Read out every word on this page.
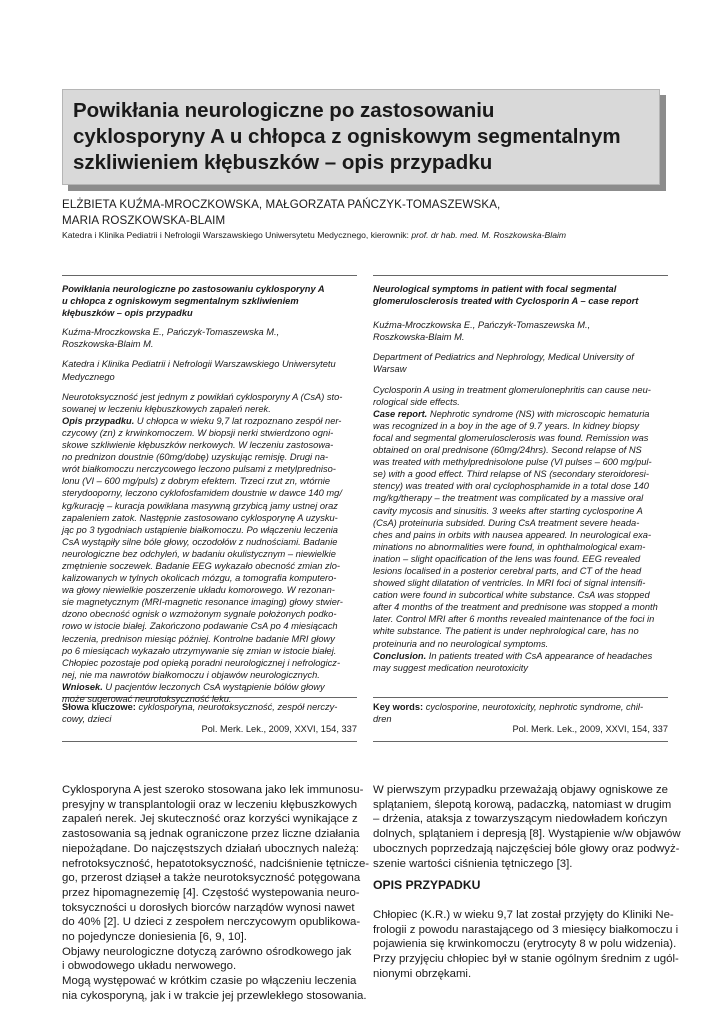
Powikłania neurologiczne po zastosowaniu
cyklosporyny A u chłopca z ogniskowym segmentalnym
szkliwieniem kłębuszków – opis przypadku
ELŻBIETA KUŹMA-MROCZKOWSKA, MAŁGORZATA PAŃCZYK-TOMASZEWSKA,
MARIA ROSZKOWSKA-BLAIM
Katedra i Klinika Pediatrii i Nefrologii Warszawskiego Uniwersytetu Medycznego, kierownik: prof. dr hab. med. M. Roszkowska-Blaim
Powikłania neurologiczne po zastosowaniu cyklosporyny A
u chłopca z ogniskowym segmentalnym szkliwieniem
kłębuszków – opis przypadku
Kuźma-Mroczkowska E., Pańczyk-Tomaszewska M.,
Roszkowska-Blaim M.
Katedra i Klinika Pediatrii i Nefrologii Warszawskiego Uniwersytetu
Medycznego
Neurotoksyczność jest jednym z powikłań cyklosporyny A (CsA) sto-
sowanej w leczeniu kłębuszkowych zapaleń nerek.
Opis przypadku. U chłopca w wieku 9,7 lat rozpoznano zespół ner-
czycowy (zn) z krwinkomoczem. W biopsji nerki stwierdzono ogni-
skowe szkliwienie kłębuszków nerkowych. W leczeniu zastosowa-
no prednizon doustnie (60mg/dobę) uzyskując remisję. Drugi na-
wrót białkomoczu nerczycowego leczono pulsami z metylpredniso-
lonu (VI – 600 mg/puls) z dobrym efektem. Trzeci rzut zn, wtórnie
sterydooporny, leczono cyklofosfamidem doustnie w dawce 140 mg/
kg/kurację – kuracja powikłana masywną grzybicą jamy ustnej oraz
zapaleniem zatok. Następnie zastosowano cyklosporynę A uzysku-
jąc po 3 tygodniach ustąpienie białkomoczu. Po włączeniu leczenia
CsA wystąpiły silne bóle głowy, oczodołów z nudnościami. Badanie
neurologiczne bez odchyleń, w badaniu okulistycznym – niewielkie
zmętnienie soczewek. Badanie EEG wykazało obecność zmian zlo-
kalizowanych w tylnych okolicach mózgu, a tomografia komputero-
wa głowy niewielkie poszerzenie układu komorowego. W rezonan-
sie magnetycznym (MRI-magnetic resonance imaging) głowy stwier-
dzono obecność ognisk o wzmożonym sygnale położonych podko-
rowo w istocie białej. Zakończono podawanie CsA po 4 miesiącach
leczenia, prednison miesiąc później. Kontrolne badanie MRI głowy
po 6 miesiącach wykazało utrzymywanie się zmian w istocie białej.
Chłopiec pozostaje pod opieką poradni neurologicznej i nefrologicz-
nej, nie ma nawrotów białkomoczu i objawów neurologicznych.
Wniosek. U pacjentów leczonych CsA wystąpienie bólów głowy
może sugerować neurotoksyczność leku.
Neurological symptoms in patient with focal segmental
glomerulosclerosis treated with Cyclosporin A – case report
Kuźma-Mroczkowska E., Pańczyk-Tomaszewska M.,
Roszkowska-Blaim M.
Department of Pediatrics and Nephrology, Medical University of
Warsaw
Cyclosporin A using in treatment glomerulonephritis can cause neu-
rological side effects.
Case report. Nephrotic syndrome (NS) with microscopic hematuria
was recognized in a boy in the age of 9.7 years. In kidney biopsy
focal and segmental glomerulosclerosis was found. Remission was
obtained on oral prednisone (60mg/24hrs). Second relapse of NS
was treated with methylprednisolone pulse (VI pulses – 600 mg/pul-
se) with a good effect. Third relapse of NS (secondary steroidoresi-
stency) was treated with oral cyclophosphamide in a total dose 140
mg/kg/therapy – the treatment was complicated by a massive oral
cavity mycosis and sinusitis. 3 weeks after starting cyclosporine A
(CsA) proteinuria subsided. During CsA treatment severe heada-
ches and pains in orbits with nausea appeared. In neurological exa-
minations no abnormalities were found, in ophthalmological exam-
ination – slight opacification of the lens was found. EEG revealed
lesions localised in a posterior cerebral parts, and CT of the head
showed slight dilatation of ventricles. In MRI foci of signal intensifi-
cation were found in subcortical white substance. CsA was stopped
after 4 months of the treatment and prednisone was stopped a month
later. Control MRI after 6 months revealed maintenance of the foci in
white substance. The patient is under nephrological care, has no
proteinuria and no neurological symptoms.
Conclusion. In patients treated with CsA appearance of headaches
may suggest medication neurotoxicity
Słowa kluczowe: cyklosporyna, neurotoksyczność, zespół nerczy-
cowy, dzieci
Pol. Merk. Lek., 2009, XXVI, 154, 337
Key words: cyclosporine, neurotoxicity, nephrotic syndrome, chil-
dren
Pol. Merk. Lek., 2009, XXVI, 154, 337
Cyklosporyna A jest szeroko stosowana jako lek immunosu-
presyjny w transplantologii oraz w leczeniu kłębuszkowych
zapaleń nerek. Jej skuteczność oraz korzyści wynikające z
zastosowania są jednak ograniczone przez liczne działania
niepożądane. Do najczęstszych działań ubocznych należą:
nefrotoksyczność, hepatotoksyczność, nadciśnienie tętnicze-
go, przerost dziąseł a także neurotoksyczność potęgowana
przez hipomagnezemię [4]. Częstość wystepowania neuro-
toksyczności u dorosłych biorców narządów wynosi nawet
do 40% [2]. U dzieci z zespołem nerczycowym opublikowa-
no pojedyncze doniesienia [6, 9, 10].
Objawy neurologiczne dotyczą zarówno ośrodkowego jak
i obwodowego układu nerwowego.
Mogą występować w krótkim czasie po włączeniu leczenia
nia cykosporyną, jak i w trakcie jej przewlekłego stosowania.
W pierwszym przypadku przeważają objawy ogniskowe ze
splątaniem, ślepotą korową, padaczką, natomiast w drugim
– drżenia, ataksja z towarzyszącym niedowładem kończyn
dolnych, splątaniem i depresją [8]. Wystąpienie w/w objawów
ubocznych poprzedzają najczęściej bóle głowy oraz podwyż-
szenie wartości ciśnienia tętniczego [3].
OPIS PRZYPADKU
Chłopiec (K.R.) w wieku 9,7 lat został przyjęty do Kliniki Ne-
frologii z powodu narastającego od 3 miesięcy białkomoczu i
pojawienia się krwinkomoczu (erytrocyty 8 w polu widzenia).
Przy przyjęciu chłopiec był w stanie ogólnym średnim z ugól-
nionymi obrzękami.
